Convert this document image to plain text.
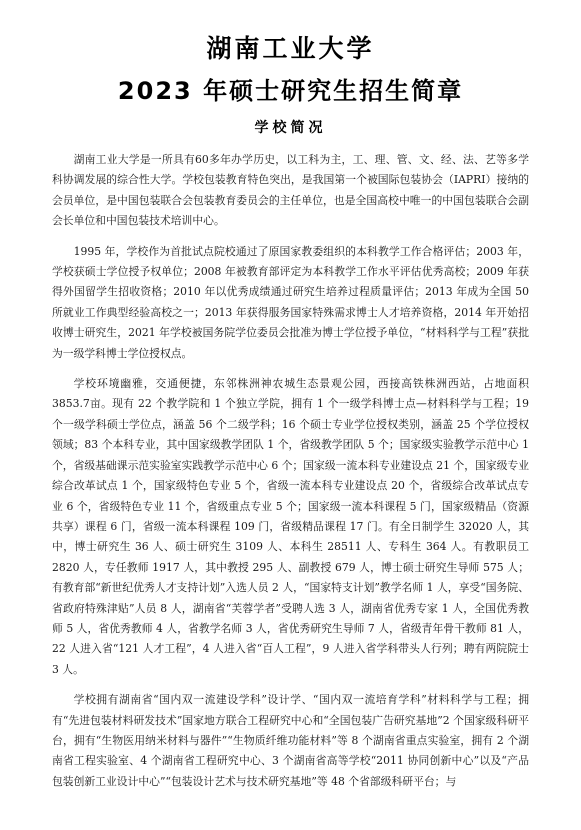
湖南工业大学
2023 年硕士研究生招生简章
学校简况

湖南工业大学是一所具有60多年办学历史，以工科为主，工、理、管、文、经、法、艺等多学科协调发展的综合性大学。学校包装教育特色突出，是我国第一个被国际包装协会（IAPRI）接纳的会员单位，是中国包装联合会包装教育委员会的主任单位，也是全国高校中唯一的中国包装联合会副会长单位和中国包装技术培训中心。

1995 年，学校作为首批试点院校通过了原国家教委组织的本科教学工作合格评估；2003 年，学校获硕士学位授予权单位；2008 年被教育部评定为本科教学工作水平评估优秀高校；2009 年获得外国留学生招收资格；2010 年以优秀成绩通过研究生培养过程质量评估；2013 年成为全国 50 所就业工作典型经验高校之一；2013 年获得服务国家特殊需求博士人才培养资格，2014 年开始招收博士研究生，2021 年学校被国务院学位委员会批准为博士学位授予单位，“材料科学与工程”获批为一级学科博士学位授权点。

学校环境幽雅，交通便捷，东邻株洲神农城生态景观公园，西接高铁株洲西站，占地面积3853.7亩。现有 22 个教学院和 1 个独立学院，拥有 1 个一级学科博士点—材料科学与工程；19 个一级学科硕士学位点，涵盖 56 个二级学科；16 个硕士专业学位授权类别，涵盖 25 个学位授权领域；83 个本科专业，其中国家级教学团队 1 个，省级教学团队 5 个；国家级实验教学示范中心 1 个，省级基础课示范实验室实践教学示范中心 6 个；国家级一流本科专业建设点 21 个，国家级专业综合改革试点 1 个，国家级特色专业 5 个，省级一流本科专业建设点 20 个，省级综合改革试点专业 6 个，省级特色专业 11 个，省级重点专业 5 个；国家级一流本科课程 5 门，国家级精品（资源共享）课程 6 门，省级一流本科课程 109 门，省级精品课程 17 门。有全日制学生 32020 人，其中，博士研究生 36 人、硕士研究生 3109 人、本科生 28511 人、专科生 364 人。有教职员工 2820 人，专任教师 1917 人，其中教授 295 人、副教授 679 人，博士硕士研究生导师 575 人；有教育部“新世纪优秀人才支持计划”入选人员 2 人，“国家特支计划”教学名师 1 人，享受“国务院、省政府特殊津贴”人员 8 人，湖南省“芙蓉学者”受聘人选 3 人，湖南省优秀专家 1 人，全国优秀教师 5 人，省优秀教师 4 人，省教学名师 3 人，省优秀研究生导师 7 人，省级青年骨干教师 81 人，22 人进入省“121 人才工程”，4 人进入省“百人工程”，9 人进入省学科带头人行列；聘有两院院士 3 人。

学校拥有湖南省“国内双一流建设学科”设计学、“国内双一流培育学科”材料科学与工程；拥有“先进包装材料研发技术”国家地方联合工程研究中心和“全国包装广告研究基地”2 个国家级科研平台，拥有“生物医用纳米材料与器件”“生物质纤维功能材料”等 8 个湖南省重点实验室，拥有 2 个湖南省工程实验室、4 个湖南省工程研究中心、3 个湖南省高等学校“2011 协同创新中心”以及“产品包装创新工业设计中心”“包装设计艺术与技术研究基地”等 48 个省部级科研平台；与
